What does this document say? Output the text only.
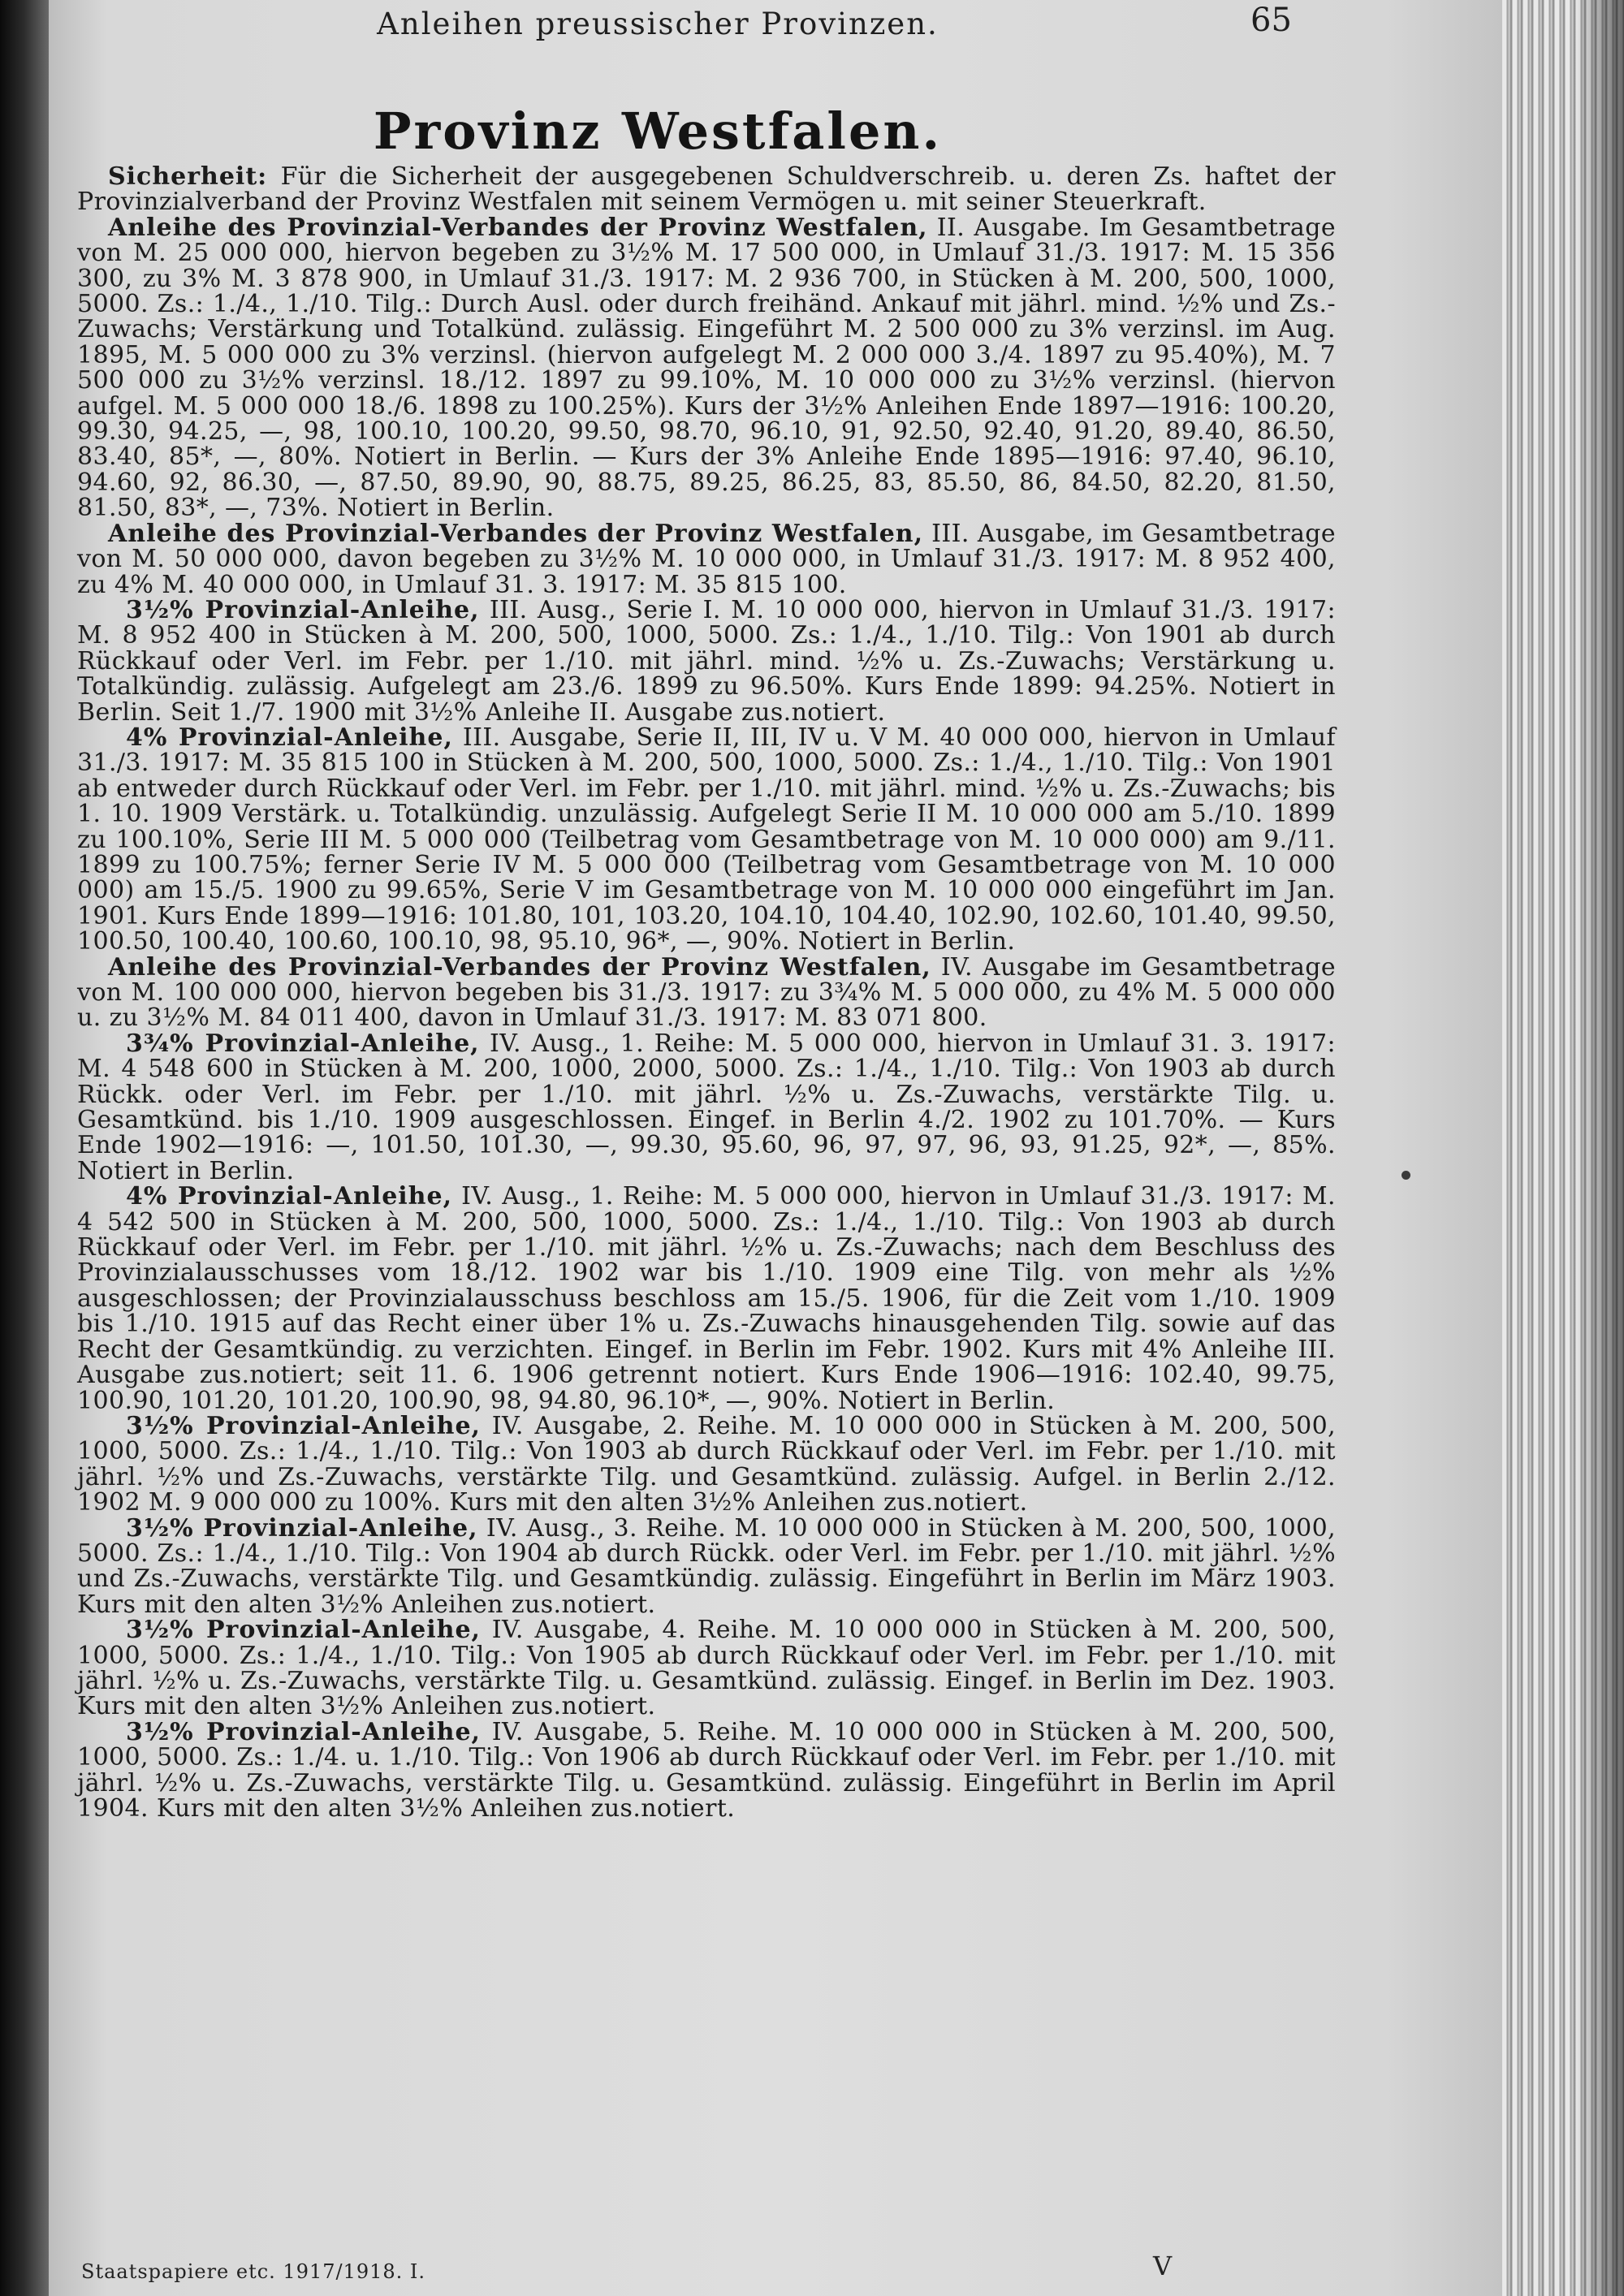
Anleihen preussischer Provinzen.	65
Provinz Westfalen.

Sicherheit: Für die Sicherheit der ausgegebenen Schuldverschreib. u. deren Zs. haftet der Provinzialverband der Provinz Westfalen mit seinem Vermögen u. mit seiner Steuerkraft.

Anleihe des Provinzial-Verbandes der Provinz Westfalen, II. Ausgabe. Im Gesamtbetrage von M. 25 000 000, hiervon begeben zu 3½% M. 17 500 000, in Umlauf 31./3. 1917: M. 15 356 300, zu 3% M. 3 878 900, in Umlauf 31./3. 1917: M. 2 936 700, in Stücken à M. 200, 500, 1000, 5000. Zs.: 1./4., 1./10. Tilg.: Durch Ausl. oder durch freihänd. Ankauf mit jährl. mind. ½% und Zs.-Zuwachs; Verstärkung und Totalkünd. zulässig. Eingeführt M. 2 500 000 zu 3% verzinsl. im Aug. 1895, M. 5 000 000 zu 3% verzinsl. (hiervon aufgelegt M. 2 000 000 3./4. 1897 zu 95.40%), M. 7 500 000 zu 3½% verzinsl. 18./12. 1897 zu 99.10%, M. 10 000 000 zu 3½% verzinsl. (hiervon aufgel. M. 5 000 000 18./6. 1898 zu 100.25%). Kurs der 3½% Anleihen Ende 1897—1916: 100.20, 99.30, 94.25, —, 98, 100.10, 100.20, 99.50, 98.70, 96.10, 91, 92.50, 92.40, 91.20, 89.40, 86.50, 83.40, 85*, —, 80%. Notiert in Berlin. — Kurs der 3% Anleihe Ende 1895—1916: 97.40, 96.10, 94.60, 92, 86.30, —, 87.50, 89.90, 90, 88.75, 89.25, 86.25, 83, 85.50, 86, 84.50, 82.20, 81.50, 81.50, 83*, —, 73%. Notiert in Berlin.

Anleihe des Provinzial-Verbandes der Provinz Westfalen, III. Ausgabe, im Gesamtbetrage von M. 50 000 000, davon begeben zu 3½% M. 10 000 000, in Umlauf 31./3. 1917: M. 8 952 400, zu 4% M. 40 000 000, in Umlauf 31. 3. 1917: M. 35 815 100.

3½% Provinzial-Anleihe, III. Ausg., Serie I. M. 10 000 000, hiervon in Umlauf 31./3. 1917: M. 8 952 400 in Stücken à M. 200, 500, 1000, 5000. Zs.: 1./4., 1./10. Tilg.: Von 1901 ab durch Rückkauf oder Verl. im Febr. per 1./10. mit jährl. mind. ½% u. Zs.-Zuwachs; Verstärkung u. Totalkündig. zulässig. Aufgelegt am 23./6. 1899 zu 96.50%. Kurs Ende 1899: 94.25%. Notiert in Berlin. Seit 1./7. 1900 mit 3½% Anleihe II. Ausgabe zus.notiert.

4% Provinzial-Anleihe, III. Ausgabe, Serie II, III, IV u. V M. 40 000 000, hiervon in Umlauf 31./3. 1917: M. 35 815 100 in Stücken à M. 200, 500, 1000, 5000. Zs.: 1./4., 1./10. Tilg.: Von 1901 ab entweder durch Rückkauf oder Verl. im Febr. per 1./10. mit jährl. mind. ½% u. Zs.-Zuwachs; bis 1. 10. 1909 Verstärk. u. Totalkündig. unzulässig. Aufgelegt Serie II M. 10 000 000 am 5./10. 1899 zu 100.10%, Serie III M. 5 000 000 (Teilbetrag vom Gesamtbetrage von M. 10 000 000) am 9./11. 1899 zu 100.75%; ferner Serie IV M. 5 000 000 (Teilbetrag vom Gesamtbetrage von M. 10 000 000) am 15./5. 1900 zu 99.65%, Serie V im Gesamtbetrage von M. 10 000 000 eingeführt im Jan. 1901. Kurs Ende 1899—1916: 101.80, 101, 103.20, 104.10, 104.40, 102.90, 102.60, 101.40, 99.50, 100.50, 100.40, 100.60, 100.10, 98, 95.10, 96*, —, 90%. Notiert in Berlin.

Anleihe des Provinzial-Verbandes der Provinz Westfalen, IV. Ausgabe im Gesamtbetrage von M. 100 000 000, hiervon begeben bis 31./3. 1917: zu 3¾% M. 5 000 000, zu 4% M. 5 000 000 u. zu 3½% M. 84 011 400, davon in Umlauf 31./3. 1917: M. 83 071 800.

3¾% Provinzial-Anleihe, IV. Ausg., 1. Reihe: M. 5 000 000, hiervon in Umlauf 31. 3. 1917: M. 4 548 600 in Stücken à M. 200, 1000, 2000, 5000. Zs.: 1./4., 1./10. Tilg.: Von 1903 ab durch Rückk. oder Verl. im Febr. per 1./10. mit jährl. ½% u. Zs.-Zuwachs, verstärkte Tilg. u. Gesamtkünd. bis 1./10. 1909 ausgeschlossen. Eingef. in Berlin 4./2. 1902 zu 101.70%. — Kurs Ende 1902—1916: —, 101.50, 101.30, —, 99.30, 95.60, 96, 97, 97, 96, 93, 91.25, 92*, —, 85%. Notiert in Berlin.

4% Provinzial-Anleihe, IV. Ausg., 1. Reihe: M. 5 000 000, hiervon in Umlauf 31./3. 1917: M. 4 542 500 in Stücken à M. 200, 500, 1000, 5000. Zs.: 1./4., 1./10. Tilg.: Von 1903 ab durch Rückkauf oder Verl. im Febr. per 1./10. mit jährl. ½% u. Zs.-Zuwachs; nach dem Beschluss des Provinzialausschusses vom 18./12. 1902 war bis 1./10. 1909 eine Tilg. von mehr als ½% ausgeschlossen; der Provinzialausschuss beschloss am 15./5. 1906, für die Zeit vom 1./10. 1909 bis 1./10. 1915 auf das Recht einer über 1% u. Zs.-Zuwachs hinausgehenden Tilg. sowie auf das Recht der Gesamtkündig. zu verzichten. Eingef. in Berlin im Febr. 1902. Kurs mit 4% Anleihe III. Ausgabe zus.notiert; seit 11. 6. 1906 getrennt notiert. Kurs Ende 1906—1916: 102.40, 99.75, 100.90, 101.20, 101.20, 100.90, 98, 94.80, 96.10*, —, 90%. Notiert in Berlin.

3½% Provinzial-Anleihe, IV. Ausgabe, 2. Reihe. M. 10 000 000 in Stücken à M. 200, 500, 1000, 5000. Zs.: 1./4., 1./10. Tilg.: Von 1903 ab durch Rückkauf oder Verl. im Febr. per 1./10. mit jährl. ½% und Zs.-Zuwachs, verstärkte Tilg. und Gesamtkünd. zulässig. Aufgel. in Berlin 2./12. 1902 M. 9 000 000 zu 100%. Kurs mit den alten 3½% Anleihen zus.notiert.

3½% Provinzial-Anleihe, IV. Ausg., 3. Reihe. M. 10 000 000 in Stücken à M. 200, 500, 1000, 5000. Zs.: 1./4., 1./10. Tilg.: Von 1904 ab durch Rückk. oder Verl. im Febr. per 1./10. mit jährl. ½% und Zs.-Zuwachs, verstärkte Tilg. und Gesamtkündig. zulässig. Eingeführt in Berlin im März 1903. Kurs mit den alten 3½% Anleihen zus.notiert.

3½% Provinzial-Anleihe, IV. Ausgabe, 4. Reihe. M. 10 000 000 in Stücken à M. 200, 500, 1000, 5000. Zs.: 1./4., 1./10. Tilg.: Von 1905 ab durch Rückkauf oder Verl. im Febr. per 1./10. mit jährl. ½% u. Zs.-Zuwachs, verstärkte Tilg. u. Gesamtkünd. zulässig. Eingef. in Berlin im Dez. 1903. Kurs mit den alten 3½% Anleihen zus.notiert.

3½% Provinzial-Anleihe, IV. Ausgabe, 5. Reihe. M. 10 000 000 in Stücken à M. 200, 500, 1000, 5000. Zs.: 1./4. u. 1./10. Tilg.: Von 1906 ab durch Rückkauf oder Verl. im Febr. per 1./10. mit jährl. ½% u. Zs.-Zuwachs, verstärkte Tilg. u. Gesamtkünd. zulässig. Eingeführt in Berlin im April 1904. Kurs mit den alten 3½% Anleihen zus.notiert.

Staatspapiere etc. 1917/1918. I.	V
